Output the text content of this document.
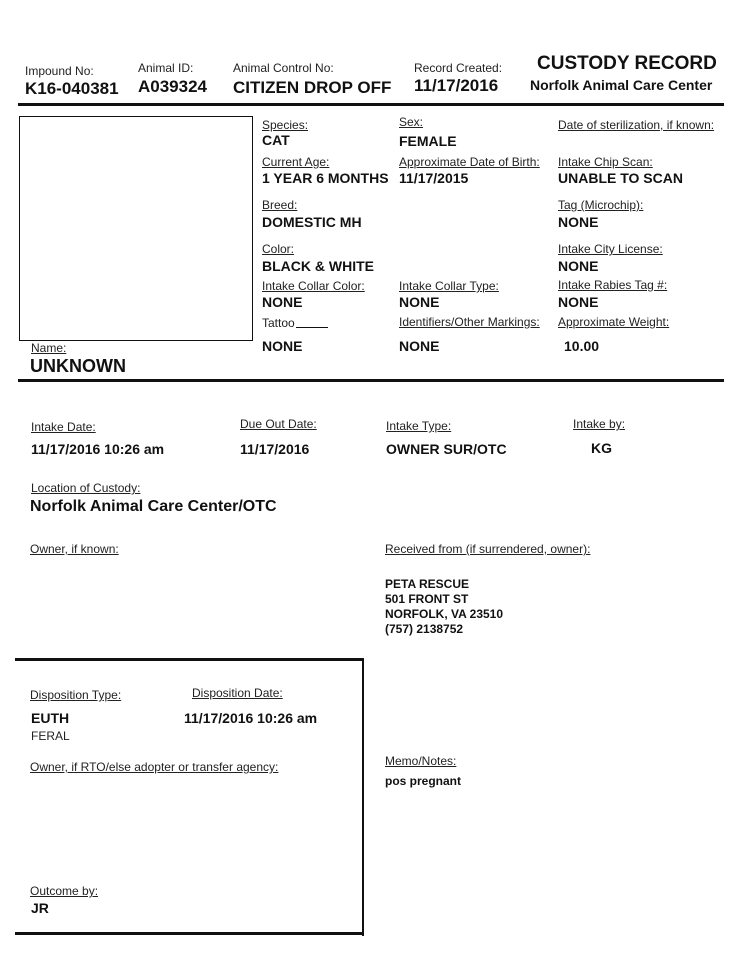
Impound No:
K16-040381
Animal ID:
A039324
Animal Control No:
CITIZEN DROP OFF
Record Created:
11/17/2016
CUSTODY RECORD
Norfolk Animal Care Center
Species:
CAT
Sex:
FEMALE
Date of sterilization, if known:
Current Age:
1 YEAR 6 MONTHS
Approximate Date of Birth:
11/17/2015
Intake Chip Scan:
UNABLE TO SCAN
Breed:
DOMESTIC MH
Tag (Microchip):
NONE
Color:
BLACK & WHITE
Intake City License:
NONE
Intake Collar Color:
NONE
Intake Collar Type:
NONE
Intake Rabies Tag #:
NONE
Tattoo
NONE
Identifiers/Other Markings:
NONE
Approximate Weight:
10.00
Name:
UNKNOWN
Intake Date:
11/17/2016 10:26 am
Due Out Date:
11/17/2016
Intake Type:
OWNER SUR/OTC
Intake by:
KG
Location of Custody:
Norfolk Animal Care Center/OTC
Owner, if known:	Received from (if surrendered, owner):
PETA RESCUE
501 FRONT ST
NORFOLK, VA 23510
(757) 2138752
Disposition Type:
EUTH
FERAL
Disposition Date:
11/17/2016 10:26 am
Owner, if RTO/else adopter or transfer agency:
Outcome by:
JR
Memo/Notes:
pos pregnant
